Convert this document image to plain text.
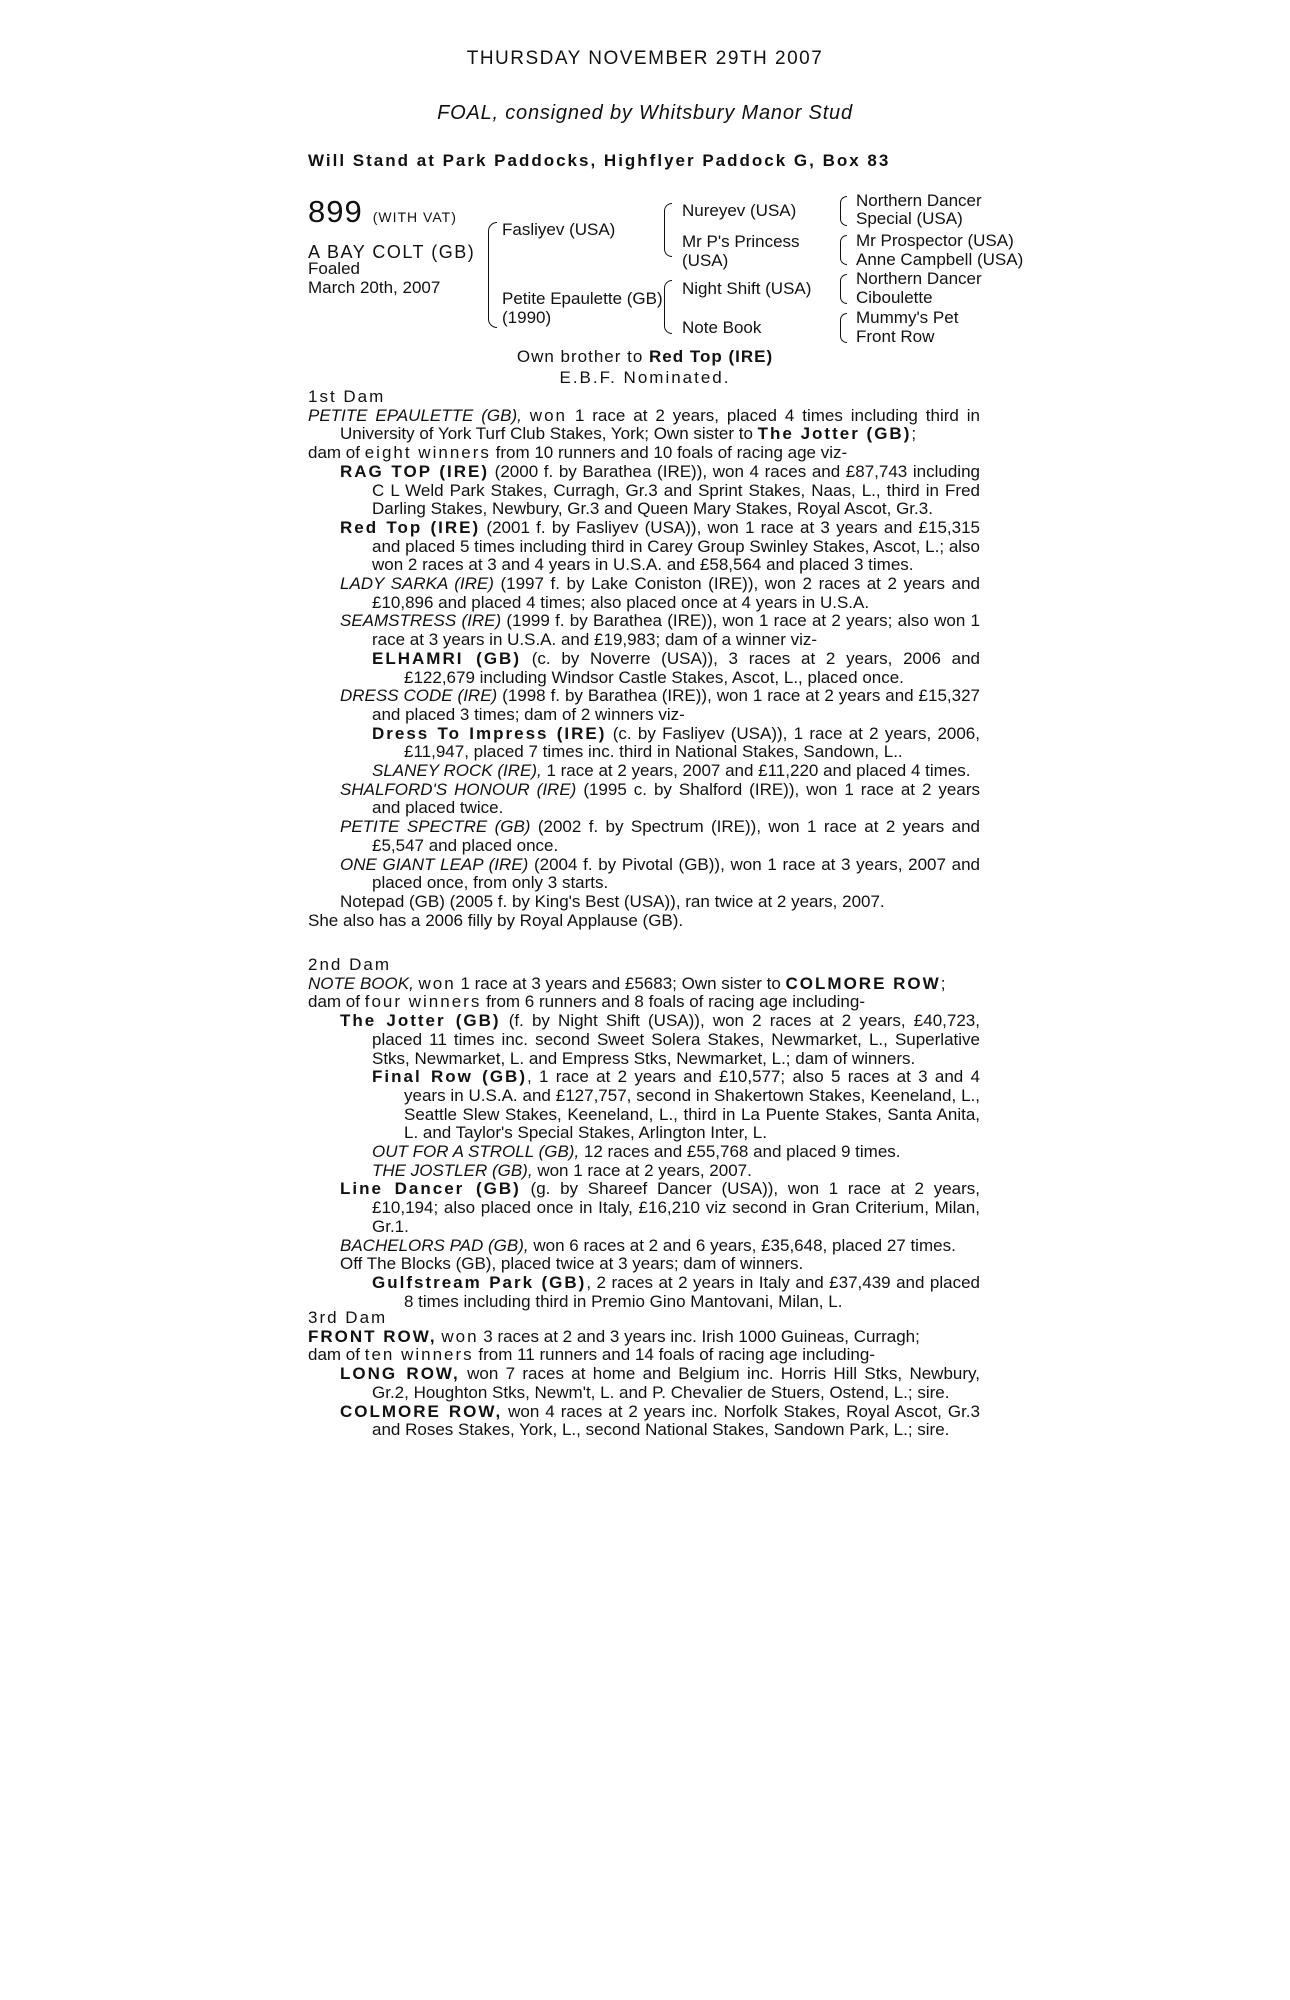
THURSDAY NOVEMBER 29TH 2007
FOAL, consigned by Whitsbury Manor Stud
Will Stand at Park Paddocks, Highflyer Paddock G, Box 83
899 (WITH VAT)
A BAY COLT (GB)
Foaled
March 20th, 2007
Fasliyev (USA)
Petite Epaulette (GB)
(1990)
Nureyev (USA)
Mr P's Princess
(USA)
Night Shift (USA)
Note Book
Northern Dancer
Special (USA)
Mr Prospector (USA)
Anne Campbell (USA)
Northern Dancer
Ciboulette
Mummy's Pet
Front Row
Own brother to Red Top (IRE)
E.B.F. Nominated.

1st Dam

PETITE EPAULETTE (GB), won 1 race at 2 years, placed 4 times including third in University of York Turf Club Stakes, York; Own sister to The Jotter (GB);

dam of eight winners from 10 runners and 10 foals of racing age viz-

RAG TOP (IRE) (2000 f. by Barathea (IRE)), won 4 races and £87,743 including C L Weld Park Stakes, Curragh, Gr.3 and Sprint Stakes, Naas, L., third in Fred Darling Stakes, Newbury, Gr.3 and Queen Mary Stakes, Royal Ascot, Gr.3.

Red Top (IRE) (2001 f. by Fasliyev (USA)), won 1 race at 3 years and £15,315 and placed 5 times including third in Carey Group Swinley Stakes, Ascot, L.; also won 2 races at 3 and 4 years in U.S.A. and £58,564 and placed 3 times.

LADY SARKA (IRE) (1997 f. by Lake Coniston (IRE)), won 2 races at 2 years and £10,896 and placed 4 times; also placed once at 4 years in U.S.A.

SEAMSTRESS (IRE) (1999 f. by Barathea (IRE)), won 1 race at 2 years; also won 1 race at 3 years in U.S.A. and £19,983; dam of a winner viz-

ELHAMRI (GB) (c. by Noverre (USA)), 3 races at 2 years, 2006 and £122,679 including Windsor Castle Stakes, Ascot, L., placed once.

DRESS CODE (IRE) (1998 f. by Barathea (IRE)), won 1 race at 2 years and £15,327 and placed 3 times; dam of 2 winners viz-

Dress To Impress (IRE) (c. by Fasliyev (USA)), 1 race at 2 years, 2006, £11,947, placed 7 times inc. third in National Stakes, Sandown, L..

SLANEY ROCK (IRE), 1 race at 2 years, 2007 and £11,220 and placed 4 times.

SHALFORD'S HONOUR (IRE) (1995 c. by Shalford (IRE)), won 1 race at 2 years and placed twice.

PETITE SPECTRE (GB) (2002 f. by Spectrum (IRE)), won 1 race at 2 years and £5,547 and placed once.

ONE GIANT LEAP (IRE) (2004 f. by Pivotal (GB)), won 1 race at 3 years, 2007 and placed once, from only 3 starts.

Notepad (GB) (2005 f. by King's Best (USA)), ran twice at 2 years, 2007.

She also has a 2006 filly by Royal Applause (GB).

2nd Dam

NOTE BOOK, won 1 race at 3 years and £5683; Own sister to COLMORE ROW;

dam of four winners from 6 runners and 8 foals of racing age including-

The Jotter (GB) (f. by Night Shift (USA)), won 2 races at 2 years, £40,723, placed 11 times inc. second Sweet Solera Stakes, Newmarket, L., Superlative Stks, Newmarket, L. and Empress Stks, Newmarket, L.; dam of winners.

Final Row (GB), 1 race at 2 years and £10,577; also 5 races at 3 and 4 years in U.S.A. and £127,757, second in Shakertown Stakes, Keeneland, L., Seattle Slew Stakes, Keeneland, L., third in La Puente Stakes, Santa Anita, L. and Taylor's Special Stakes, Arlington Inter, L.

OUT FOR A STROLL (GB), 12 races and £55,768 and placed 9 times.

THE JOSTLER (GB), won 1 race at 2 years, 2007.

Line Dancer (GB) (g. by Shareef Dancer (USA)), won 1 race at 2 years, £10,194; also placed once in Italy, £16,210 viz second in Gran Criterium, Milan, Gr.1.

BACHELORS PAD (GB), won 6 races at 2 and 6 years, £35,648, placed 27 times.

Off The Blocks (GB), placed twice at 3 years; dam of winners.

Gulfstream Park (GB), 2 races at 2 years in Italy and £37,439 and placed 8 times including third in Premio Gino Mantovani, Milan, L.

3rd Dam

FRONT ROW, won 3 races at 2 and 3 years inc. Irish 1000 Guineas, Curragh;

dam of ten winners from 11 runners and 14 foals of racing age including-

LONG ROW, won 7 races at home and Belgium inc. Horris Hill Stks, Newbury, Gr.2, Houghton Stks, Newm't, L. and P. Chevalier de Stuers, Ostend, L.; sire.

COLMORE ROW, won 4 races at 2 years inc. Norfolk Stakes, Royal Ascot, Gr.3 and Roses Stakes, York, L., second National Stakes, Sandown Park, L.; sire.
